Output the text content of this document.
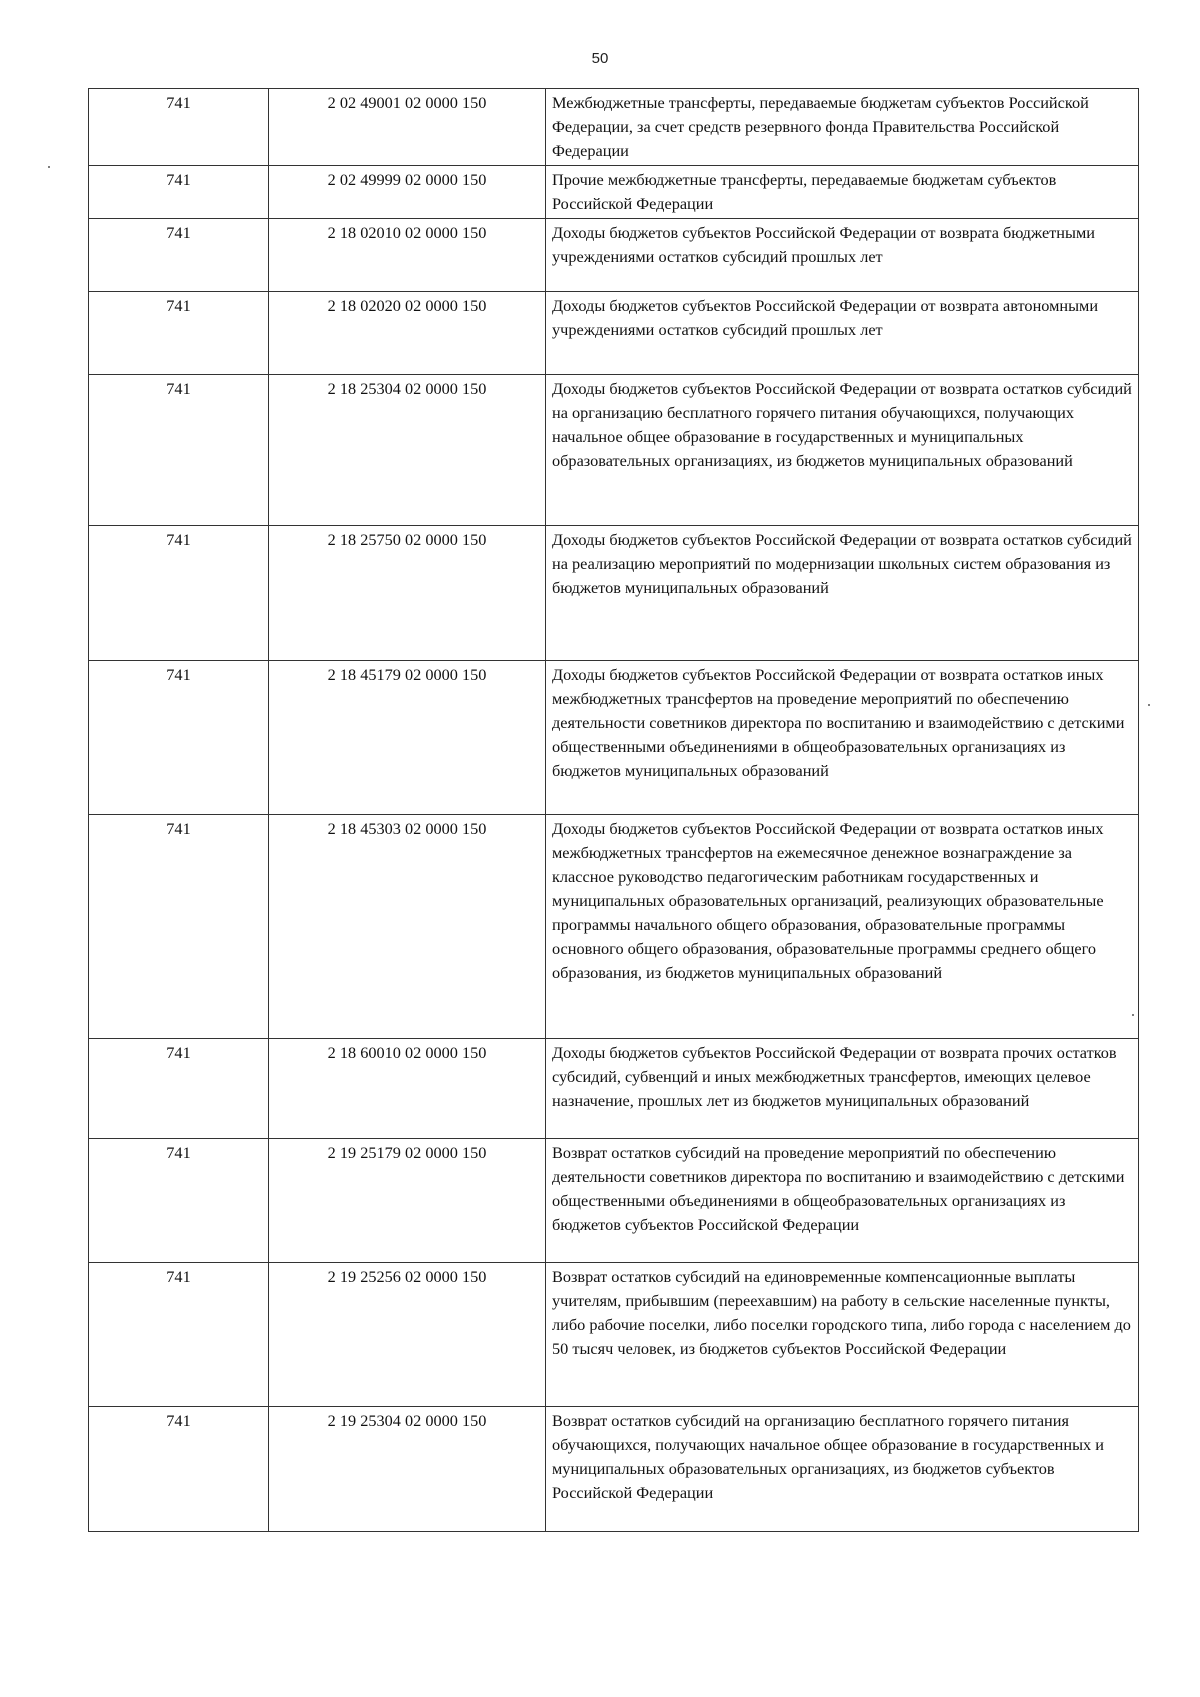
50
741	2 02 49001 02 0000 150	Межбюджетные трансферты, передаваемые бюджетам субъектов Российской Федерации, за счет средств резервного фонда Правительства Российской Федерации
741	2 02 49999 02 0000 150	Прочие межбюджетные трансферты, передаваемые бюджетам субъектов Российской Федерации
741	2 18 02010 02 0000 150	Доходы бюджетов субъектов Российской Федерации от возврата бюджетными учреждениями остатков субсидий прошлых лет
741	2 18 02020 02 0000 150	Доходы бюджетов субъектов Российской Федерации от возврата автономными учреждениями остатков субсидий прошлых лет
741	2 18 25304 02 0000 150	Доходы бюджетов субъектов Российской Федерации от возврата остатков субсидий на организацию бесплатного горячего питания обучающихся, получающих начальное общее образование в государственных и муниципальных образовательных организациях, из бюджетов муниципальных образований
741	2 18 25750 02 0000 150	Доходы бюджетов субъектов Российской Федерации от возврата остатков субсидий на реализацию мероприятий по модернизации школьных систем образования из бюджетов муниципальных образований
741	2 18 45179 02 0000 150	Доходы бюджетов субъектов Российской Федерации от возврата остатков иных межбюджетных трансфертов на проведение мероприятий по обеспечению деятельности советников директора по воспитанию и взаимодействию с детскими общественными объединениями в общеобразовательных организациях из бюджетов муниципальных образований
741	2 18 45303 02 0000 150	Доходы бюджетов субъектов Российской Федерации от возврата остатков иных межбюджетных трансфертов на ежемесячное денежное вознаграждение за классное руководство педагогическим работникам государственных и муниципальных образовательных организаций, реализующих образовательные программы начального общего образования, образовательные программы основного общего образования, образовательные программы среднего общего образования, из бюджетов муниципальных образований
741	2 18 60010 02 0000 150	Доходы бюджетов субъектов Российской Федерации от возврата прочих остатков субсидий, субвенций и иных межбюджетных трансфертов, имеющих целевое назначение, прошлых лет из бюджетов муниципальных образований
741	2 19 25179 02 0000 150	Возврат остатков субсидий на проведение мероприятий по обеспечению деятельности советников директора по воспитанию и взаимодействию с детскими общественными объединениями в общеобразовательных организациях из бюджетов субъектов Российской Федерации
741	2 19 25256 02 0000 150	Возврат остатков субсидий на единовременные компенсационные выплаты учителям, прибывшим (переехавшим) на работу в сельские населенные пункты, либо рабочие поселки, либо поселки городского типа, либо города с населением до 50 тысяч человек, из бюджетов субъектов Российской Федерации
741	2 19 25304 02 0000 150	Возврат остатков субсидий на организацию бесплатного горячего питания обучающихся, получающих начальное общее образование в государственных и муниципальных образовательных организациях, из бюджетов субъектов Российской Федерации
